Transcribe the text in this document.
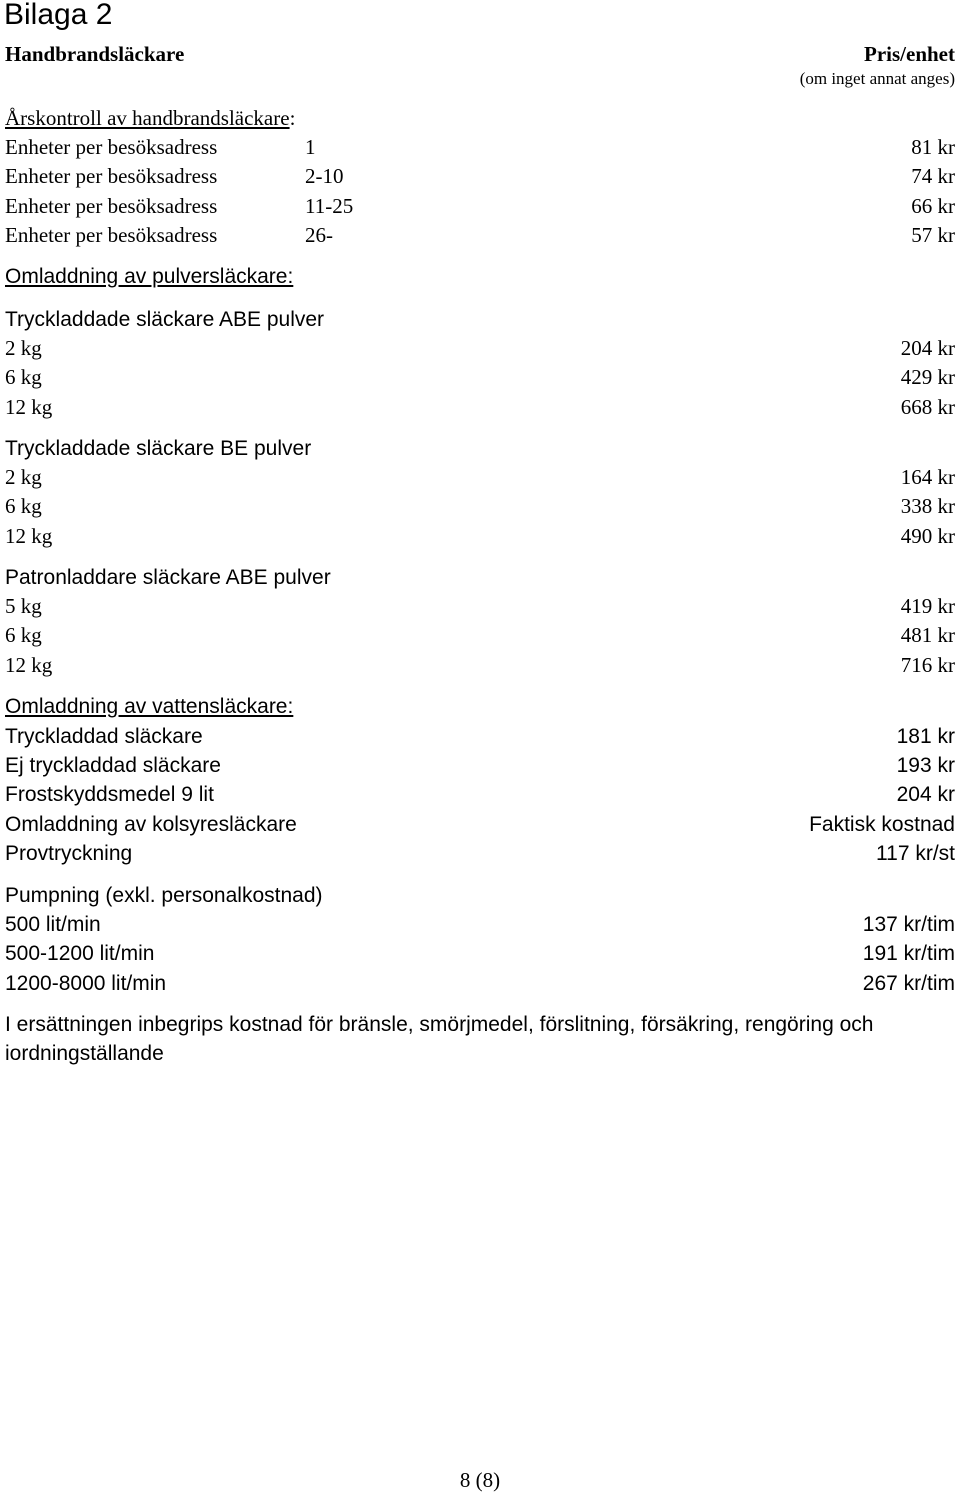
Bilaga 2
Handbrandsläckare	Pris/enhet
(om inget annat anges)
Årskontroll av handbrandsläckare:
Enheter per besöksadress	1	81 kr
Enheter per besöksadress	2-10	74 kr
Enheter per besöksadress	11-25	66 kr
Enheter per besöksadress	26-	57 kr
Omladdning av pulversläckare:
Tryckladdade släckare ABE pulver
2 kg	204 kr
6 kg	429 kr
12 kg	668 kr
Tryckladdade släckare BE pulver
2 kg	164 kr
6 kg	338 kr
12 kg	490 kr
Patronladdare släckare ABE pulver
5 kg	419 kr
6 kg	481 kr
12 kg	716 kr
Omladdning av vattensläckare:
Tryckladdad släckare	181 kr
Ej tryckladdad släckare	193 kr
Frostskyddsmedel 9 lit	204 kr
Omladdning av kolsyresläckare	Faktisk kostnad
Provtryckning	117 kr/st
Pumpning (exkl. personalkostnad)
500 lit/min	137 kr/tim
500-1200 lit/min	191 kr/tim
1200-8000 lit/min	267 kr/tim
I ersättningen inbegrips kostnad för bränsle, smörjmedel, förslitning, försäkring, rengöring och iordningställande
8 (8)
